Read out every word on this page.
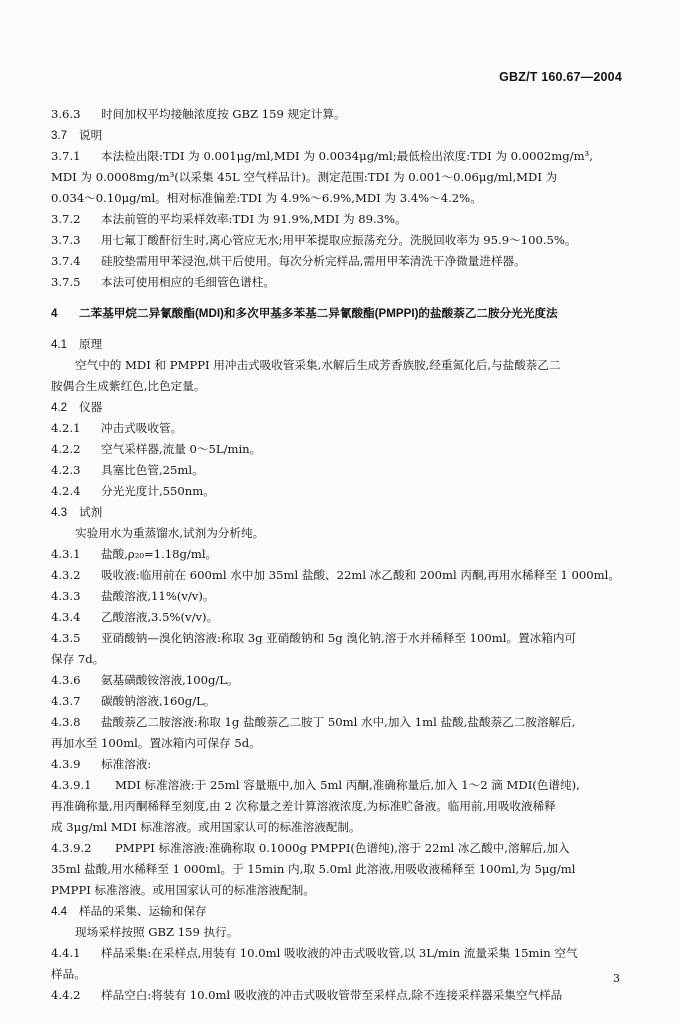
GBZ/T 160.67—2004
3.6.3 时间加权平均接触浓度按 GBZ 159 规定计算。
3.7 说明
3.7.1 本法检出限:TDI 为 0.001μg/ml,MDI 为 0.0034μg/ml;最低检出浓度:TDI 为 0.0002mg/m³,
MDI 为 0.0008mg/m³(以采集 45L 空气样品计)。测定范围:TDI 为 0.001～0.06μg/ml,MDI 为
0.034～0.10μg/ml。相对标准偏差:TDI 为 4.9%～6.9%,MDI 为 3.4%～4.2%。
3.7.2 本法前管的平均采样效率:TDI 为 91.9%,MDI 为 89.3%。
3.7.3 用七氟丁酸酐衍生时,离心管应无水;用甲苯提取应振荡充分。洗脱回收率为 95.9～100.5%。
3.7.4 硅胶垫需用甲苯浸泡,烘干后使用。每次分析完样品,需用甲苯清洗干净微量进样器。
3.7.5 本法可使用相应的毛细管色谱柱。
4 二苯基甲烷二异氰酸酯(MDI)和多次甲基多苯基二异氰酸酯(PMPPI)的盐酸萘乙二胺分光光度法
4.1 原理
空气中的 MDI 和 PMPPI 用冲击式吸收管采集,水解后生成芳香族胺,经重氮化后,与盐酸萘乙二
胺偶合生成紫红色,比色定量。
4.2 仪器
4.2.1 冲击式吸收管。
4.2.2 空气采样器,流量 0～5L/min。
4.2.3 具塞比色管,25ml。
4.2.4 分光光度计,550nm。
4.3 试剂
实验用水为重蒸馏水,试剂为分析纯。
4.3.1 盐酸,ρ₂₀=1.18g/ml。
4.3.2 吸收液:临用前在 600ml 水中加 35ml 盐酸、22ml 冰乙酸和 200ml 丙酮,再用水稀释至 1 000ml。
4.3.3 盐酸溶液,11%(v/v)。
4.3.4 乙酸溶液,3.5%(v/v)。
4.3.5 亚硝酸钠—溴化钠溶液:称取 3g 亚硝酸钠和 5g 溴化钠,溶于水并稀释至 100ml。置冰箱内可
保存 7d。
4.3.6 氨基磺酸铵溶液,100g/L。
4.3.7 碳酸钠溶液,160g/L。
4.3.8 盐酸萘乙二胺溶液:称取 1g 盐酸萘乙二胺丁 50ml 水中,加入 1ml 盐酸,盐酸萘乙二胺溶解后,
再加水至 100ml。置冰箱内可保存 5d。
4.3.9 标准溶液:
4.3.9.1 MDI 标准溶液:于 25ml 容量瓶中,加入 5ml 丙酮,准确称量后,加入 1～2 滴 MDI(色谱纯),
再准确称量,用丙酮稀释至刻度,由 2 次称量之差计算溶液浓度,为标准贮备液。临用前,用吸收液稀释
成 3μg/ml MDI 标准溶液。或用国家认可的标准溶液配制。
4.3.9.2 PMPPI 标准溶液:准确称取 0.1000g PMPPI(色谱纯),溶于 22ml 冰乙酸中,溶解后,加入
35ml 盐酸,用水稀释至 1 000ml。于 15min 内,取 5.0ml 此溶液,用吸收液稀释至 100ml,为 5μg/ml
PMPPI 标准溶液。或用国家认可的标准溶液配制。
4.4 样品的采集、运输和保存
现场采样按照 GBZ 159 执行。
4.4.1 样品采集:在采样点,用装有 10.0ml 吸收液的冲击式吸收管,以 3L/min 流量采集 15min 空气
样品。
4.4.2 样品空白:将装有 10.0ml 吸收液的冲击式吸收管带至采样点,除不连接采样器采集空气样品
3
